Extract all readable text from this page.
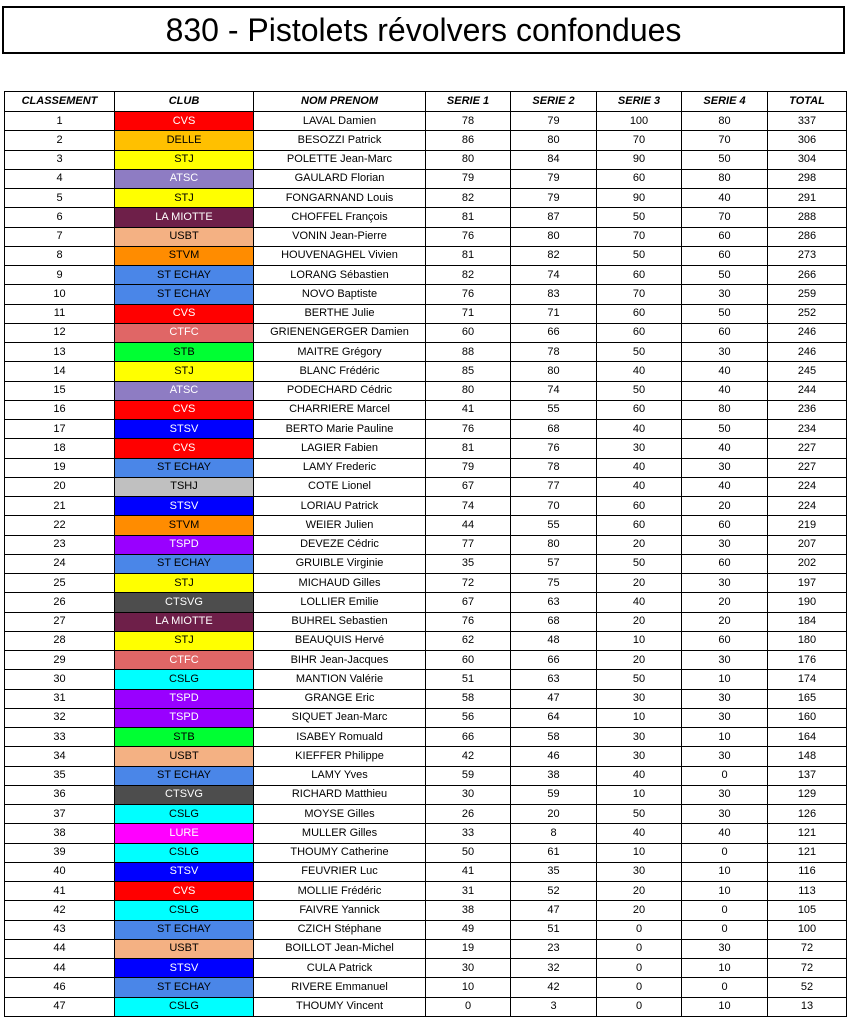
830 - Pistolets révolvers confondues
CLASSEMENT	CLUB	NOM PRENOM	SERIE 1	SERIE 2	SERIE 3	SERIE 4	TOTAL
1	CVS	LAVAL Damien	78	79	100	80	337
2	DELLE	BESOZZI Patrick	86	80	70	70	306
3	STJ	POLETTE Jean-Marc	80	84	90	50	304
4	ATSC	GAULARD Florian	79	79	60	80	298
5	STJ	FONGARNAND Louis	82	79	90	40	291
6	LA MIOTTE	CHOFFEL François	81	87	50	70	288
7	USBT	VONIN Jean-Pierre	76	80	70	60	286
8	STVM	HOUVENAGHEL Vivien	81	82	50	60	273
9	ST ECHAY	LORANG Sébastien	82	74	60	50	266
10	ST ECHAY	NOVO Baptiste	76	83	70	30	259
11	CVS	BERTHE Julie	71	71	60	50	252
12	CTFC	GRIENENGERGER Damien	60	66	60	60	246
13	STB	MAITRE Grégory	88	78	50	30	246
14	STJ	BLANC Frédéric	85	80	40	40	245
15	ATSC	PODECHARD Cédric	80	74	50	40	244
16	CVS	CHARRIERE Marcel	41	55	60	80	236
17	STSV	BERTO Marie Pauline	76	68	40	50	234
18	CVS	LAGIER Fabien	81	76	30	40	227
19	ST ECHAY	LAMY Frederic	79	78	40	30	227
20	TSHJ	COTE Lionel	67	77	40	40	224
21	STSV	LORIAU Patrick	74	70	60	20	224
22	STVM	WEIER Julien	44	55	60	60	219
23	TSPD	DEVEZE Cédric	77	80	20	30	207
24	ST ECHAY	GRUIBLE Virginie	35	57	50	60	202
25	STJ	MICHAUD Gilles	72	75	20	30	197
26	CTSVG	LOLLIER Emilie	67	63	40	20	190
27	LA MIOTTE	BUHREL Sebastien	76	68	20	20	184
28	STJ	BEAUQUIS Hervé	62	48	10	60	180
29	CTFC	BIHR Jean-Jacques	60	66	20	30	176
30	CSLG	MANTION Valérie	51	63	50	10	174
31	TSPD	GRANGE Eric	58	47	30	30	165
32	TSPD	SIQUET Jean-Marc	56	64	10	30	160
33	STB	ISABEY Romuald	66	58	30	10	164
34	USBT	KIEFFER Philippe	42	46	30	30	148
35	ST ECHAY	LAMY Yves	59	38	40	0	137
36	CTSVG	RICHARD Matthieu	30	59	10	30	129
37	CSLG	MOYSE Gilles	26	20	50	30	126
38	LURE	MULLER Gilles	33	8	40	40	121
39	CSLG	THOUMY Catherine	50	61	10	0	121
40	STSV	FEUVRIER Luc	41	35	30	10	116
41	CVS	MOLLIE Frédéric	31	52	20	10	113
42	CSLG	FAIVRE Yannick	38	47	20	0	105
43	ST ECHAY	CZICH Stéphane	49	51	0	0	100
44	USBT	BOILLOT Jean-Michel	19	23	0	30	72
44	STSV	CULA Patrick	30	32	0	10	72
46	ST ECHAY	RIVERE Emmanuel	10	42	0	0	52
47	CSLG	THOUMY Vincent	0	3	0	10	13
